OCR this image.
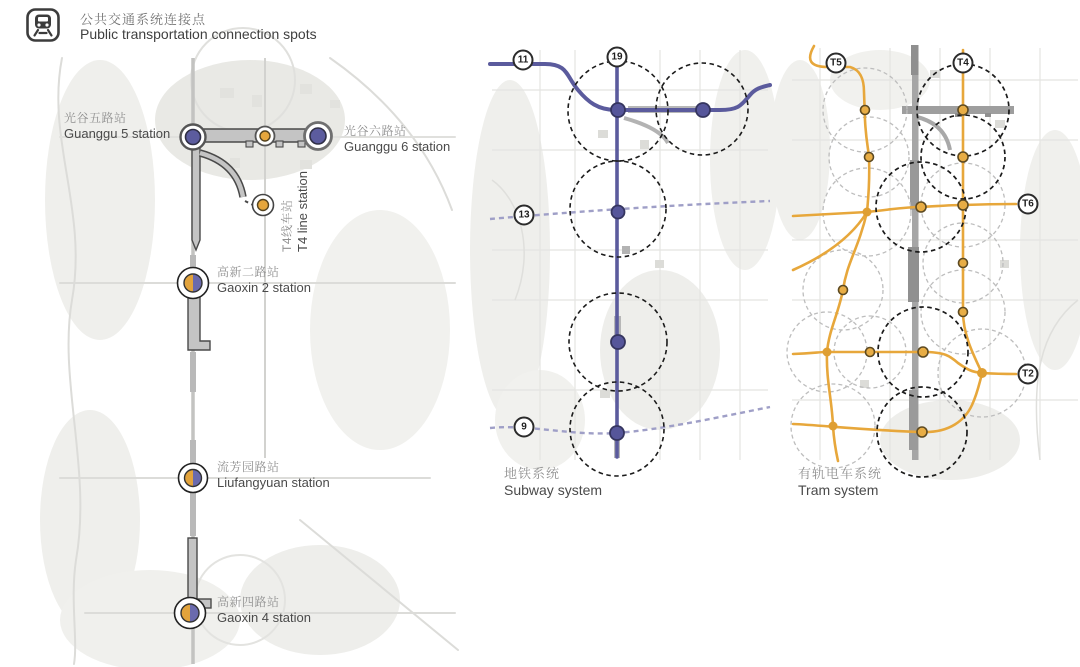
公共交通系统连接点
Public transportation connection spots
光谷五路站
Guanggu 5 station	光谷六路站
Guanggu 6 station
T4线车站 T4 line station
高新二路站
Gaoxin 2 station
流芳园路站
Liufangyuan station
高新四路站
Gaoxin 4 station
11	19
13
9
T5	T4
T6
T2
地铁系统
Subway system
有轨电车系统
Tram system
